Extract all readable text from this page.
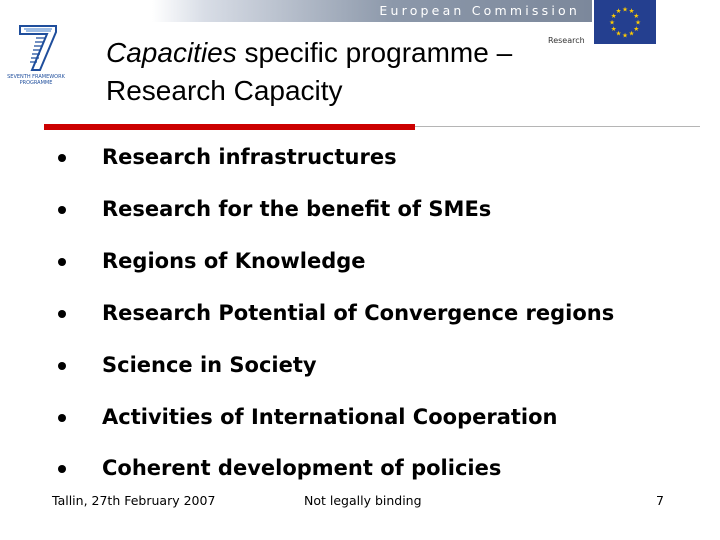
European Commission	★ ★
★
★
★
★
★
★
★
★
★
★
Research
SEVENTH FRAMEWORK
PROGRAMME
Capacities specific programme –
Research Capacity
Research infrastructures
Research for the benefit of SMEs
Regions of Knowledge
Research Potential of Convergence regions
Science in Society
Activities of International Cooperation
Coherent development of policies
Tallin, 27th February 2007	Not legally binding	7
